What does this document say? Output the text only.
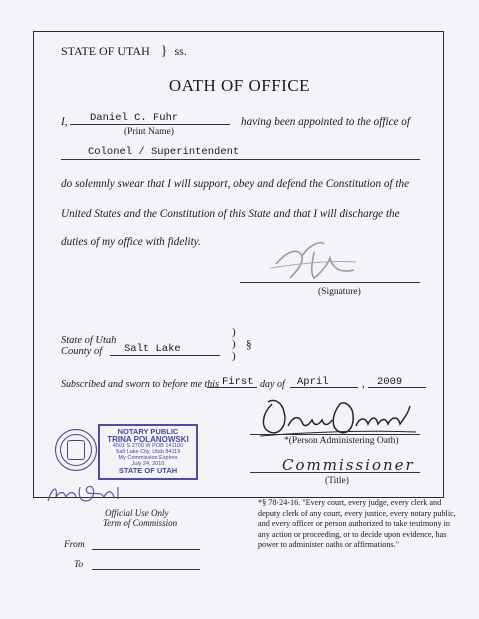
STATE OF UTAH } ss.
OATH OF OFFICE
I, Daniel C. Fuhr
(Print Name)
having been appointed to the office of
Colonel / Superintendent
do solemnly swear that I will support, obey and defend the Constitution of the
United States and the Constitution of this State and that I will discharge the
duties of my office with fidelity.
(Signature)
State of Utah
County of Salt Lake
)
)
)
§
Subscribed and sworn to before me this First day of April	, 2009
NOTARY PUBLIC
TRINA POLANOWSKI
4501 S 2700 W POB 141100
Salt Lake City, Utah 84119
My Commission Expires
July 24, 2010
STATE OF UTAH
*(Person Administering Oath)
Commissioner
(Title)
Official Use Only
Term of Commission
From
To
*§ 78-24-16. "Every court, every judge, every clerk and
deputy clerk of any court, every justice, every notary public,
and every officer or person authorized to take testimony in
any action or proceeding, or to decide upon evidence, has
power to administer oaths or affirmations."
